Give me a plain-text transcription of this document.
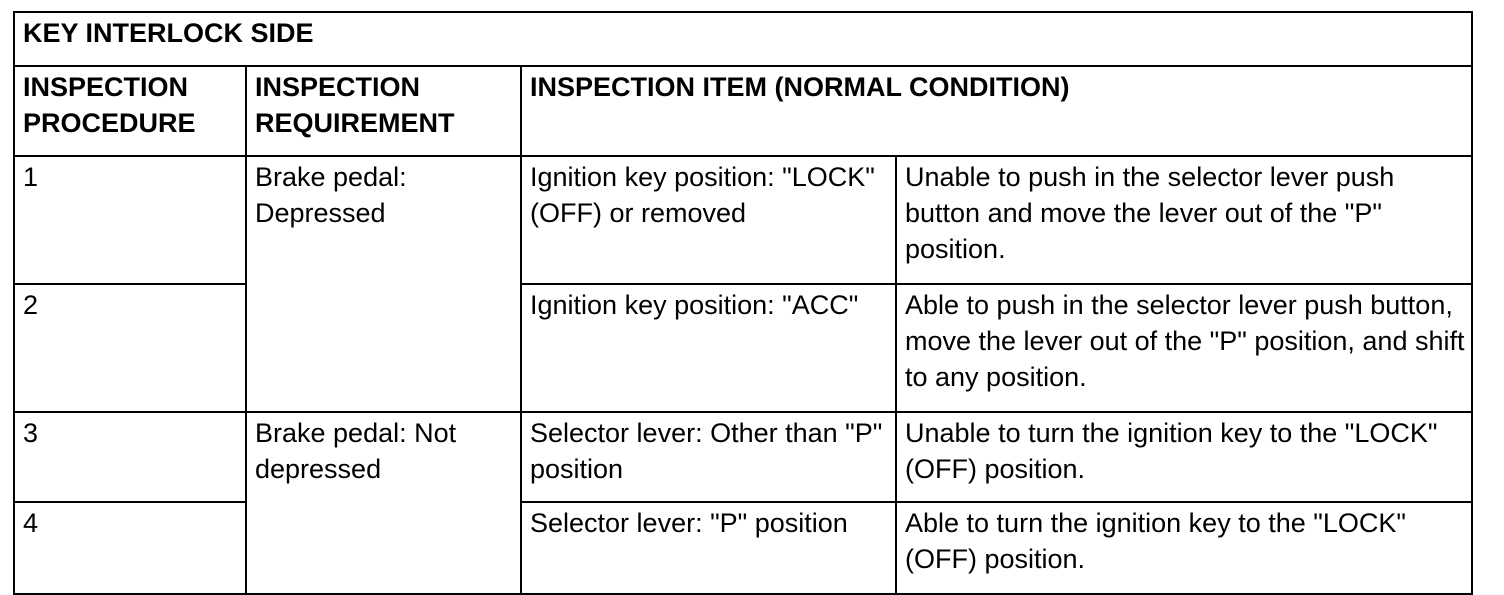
KEY INTERLOCK SIDE			
INSPECTION PROCEDURE	INSPECTION REQUIREMENT	INSPECTION ITEM (NORMAL CONDITION)	
1	Brake pedal: Depressed	Ignition key position: "LOCK" (OFF) or removed	Unable to push in the selector lever push button and move the lever out of the "P" position.
2		Ignition key position: "ACC"	Able to push in the selector lever push button, move the lever out of the "P" position, and shift to any position.
3	Brake pedal: Not depressed	Selector lever: Other than "P" position	Unable to turn the ignition key to the "LOCK" (OFF) position.
4		Selector lever: "P" position	Able to turn the ignition key to the "LOCK" (OFF) position.
